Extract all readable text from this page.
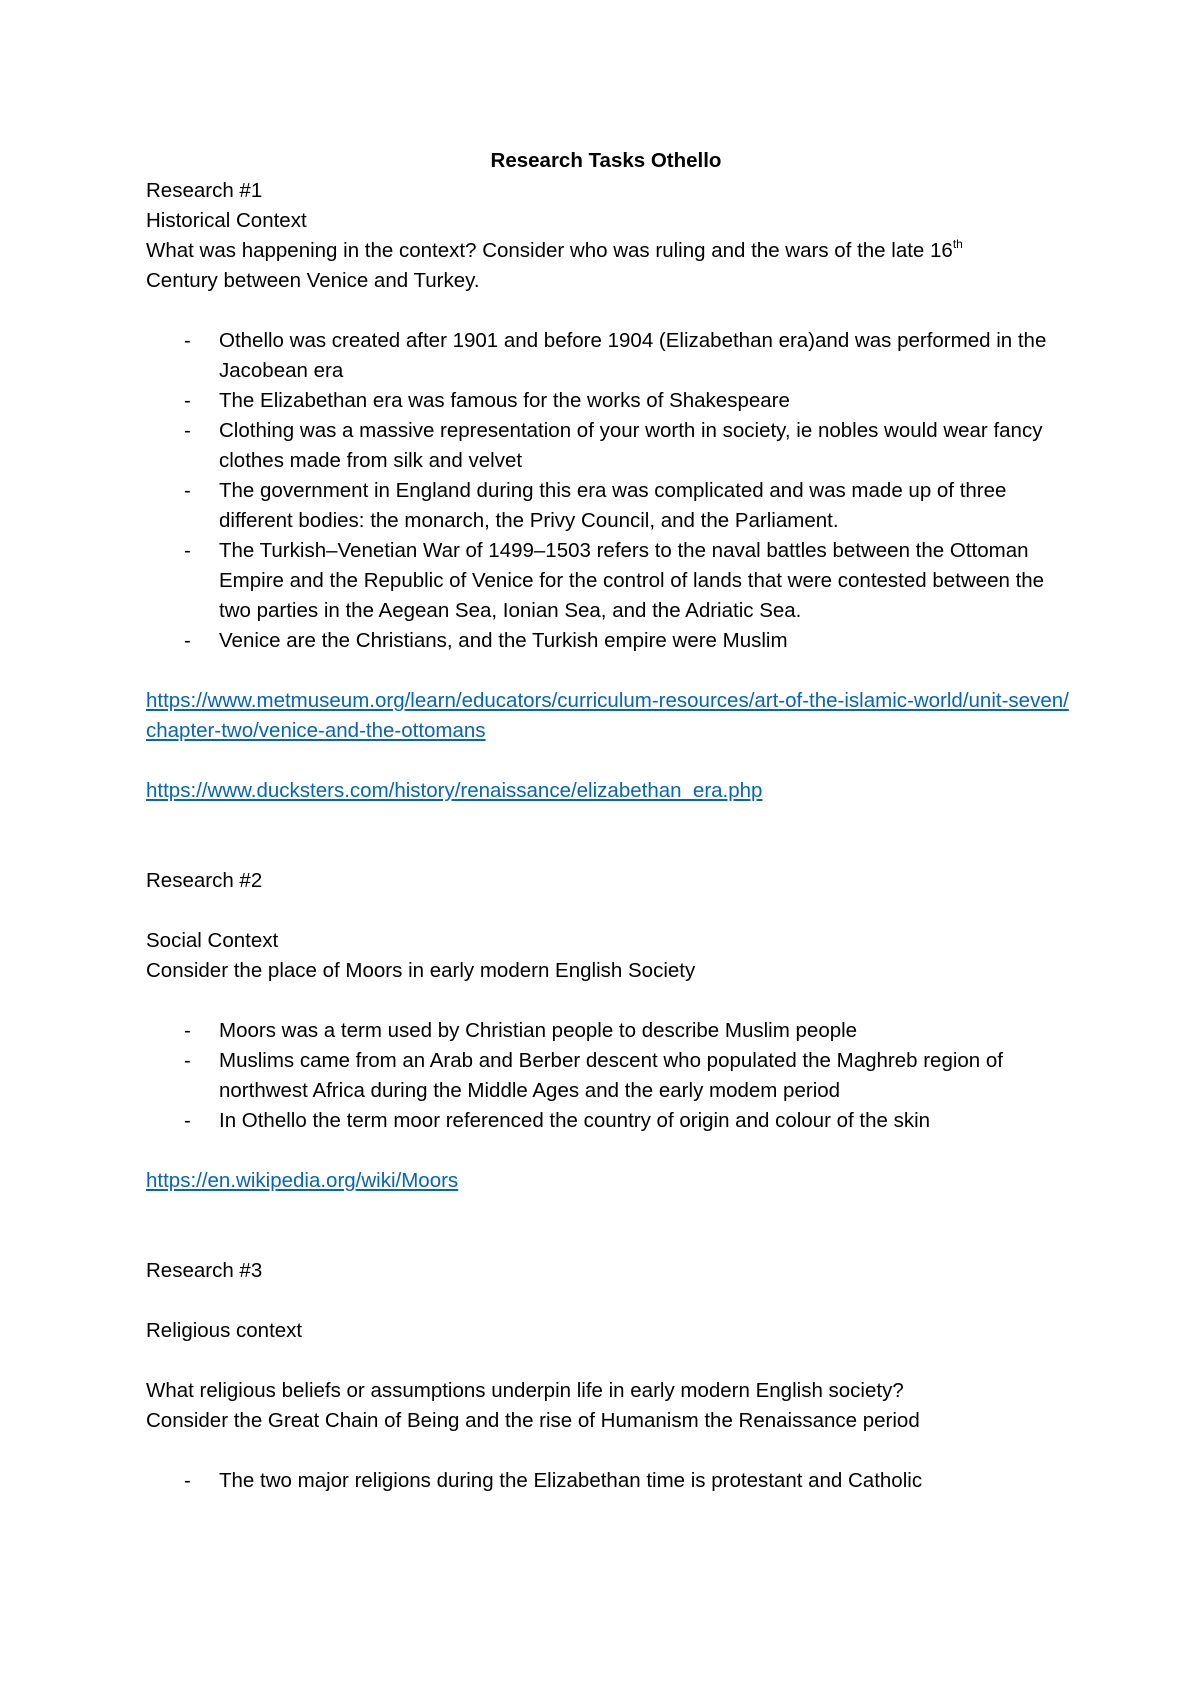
Research Tasks Othello

Research #1

Historical Context

What was happening in the context? Consider who was ruling and the wars of the late 16th
Century between Venice and Turkey.

- Othello was created after 1901 and before 1904 (Elizabethan era)and was performed in the Jacobean era
- The Elizabethan era was famous for the works of Shakespeare
- Clothing was a massive representation of your worth in society, ie nobles would wear fancy clothes made from silk and velvet
- The government in England during this era was complicated and was made up of three different bodies: the monarch, the Privy Council, and the Parliament.
- The Turkish–Venetian War of 1499–1503 refers to the naval battles between the Ottoman Empire and the Republic of Venice for the control of lands that were contested between the two parties in the Aegean Sea, Ionian Sea, and the Adriatic Sea.
- Venice are the Christians, and the Turkish empire were Muslim
https://www.metmuseum.org/learn/educators/curriculum-resources/art-of-the-islamic-world/unit-seven/chapter-two/venice-and-the-ottomans
https://www.ducksters.com/history/renaissance/elizabethan_era.php

Research #2

Social Context

Consider the place of Moors in early modern English Society

- Moors was a term used by Christian people to describe Muslim people
- Muslims came from an Arab and Berber descent who populated the Maghreb region of northwest Africa during the Middle Ages and the early modem period
- In Othello the term moor referenced the country of origin and colour of the skin
https://en.wikipedia.org/wiki/Moors

Research #3

Religious context

What religious beliefs or assumptions underpin life in early modern English society?
Consider the Great Chain of Being and the rise of Humanism the Renaissance period

- The two major religions during the Elizabethan time is protestant and Catholic
